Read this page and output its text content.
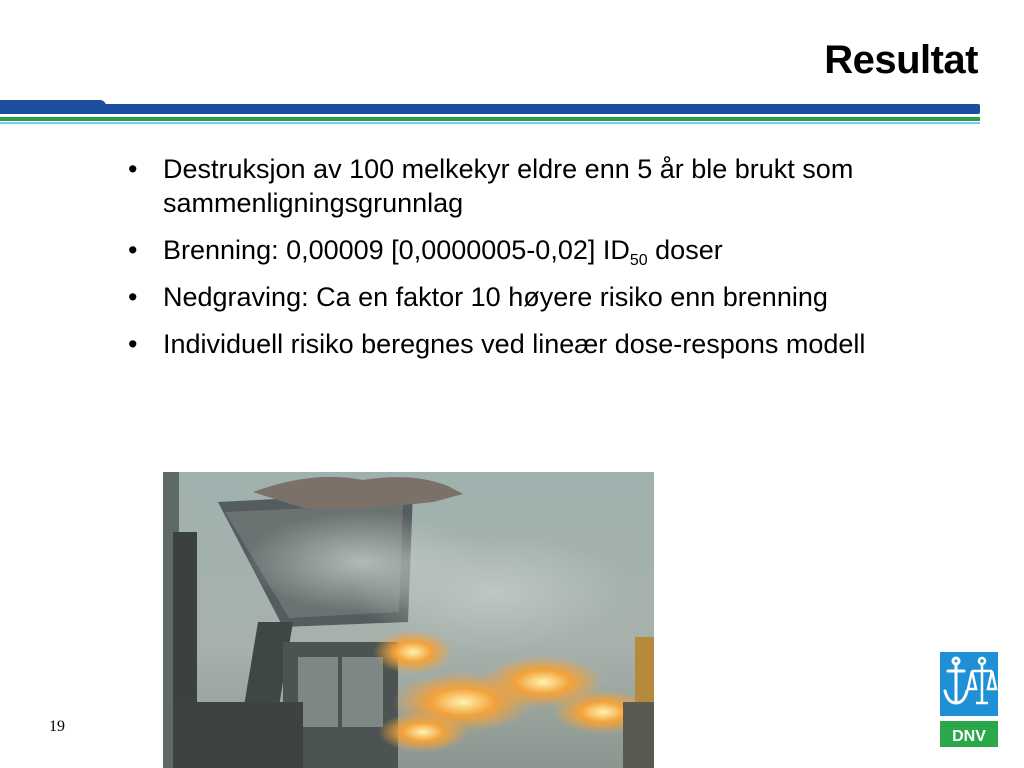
Resultat
• Destruksjon av 100 melkekyr eldre enn 5 år ble brukt som sammenligningsgrunnlag
• Brenning: 0,00009 [0,0000005-0,02] $ID_{50}$ doser
• Nedgraving: Ca en faktor 10 høyere risiko enn brenning
• Individuell risiko beregnes ved lineær dose-respons modell
19
DNV
